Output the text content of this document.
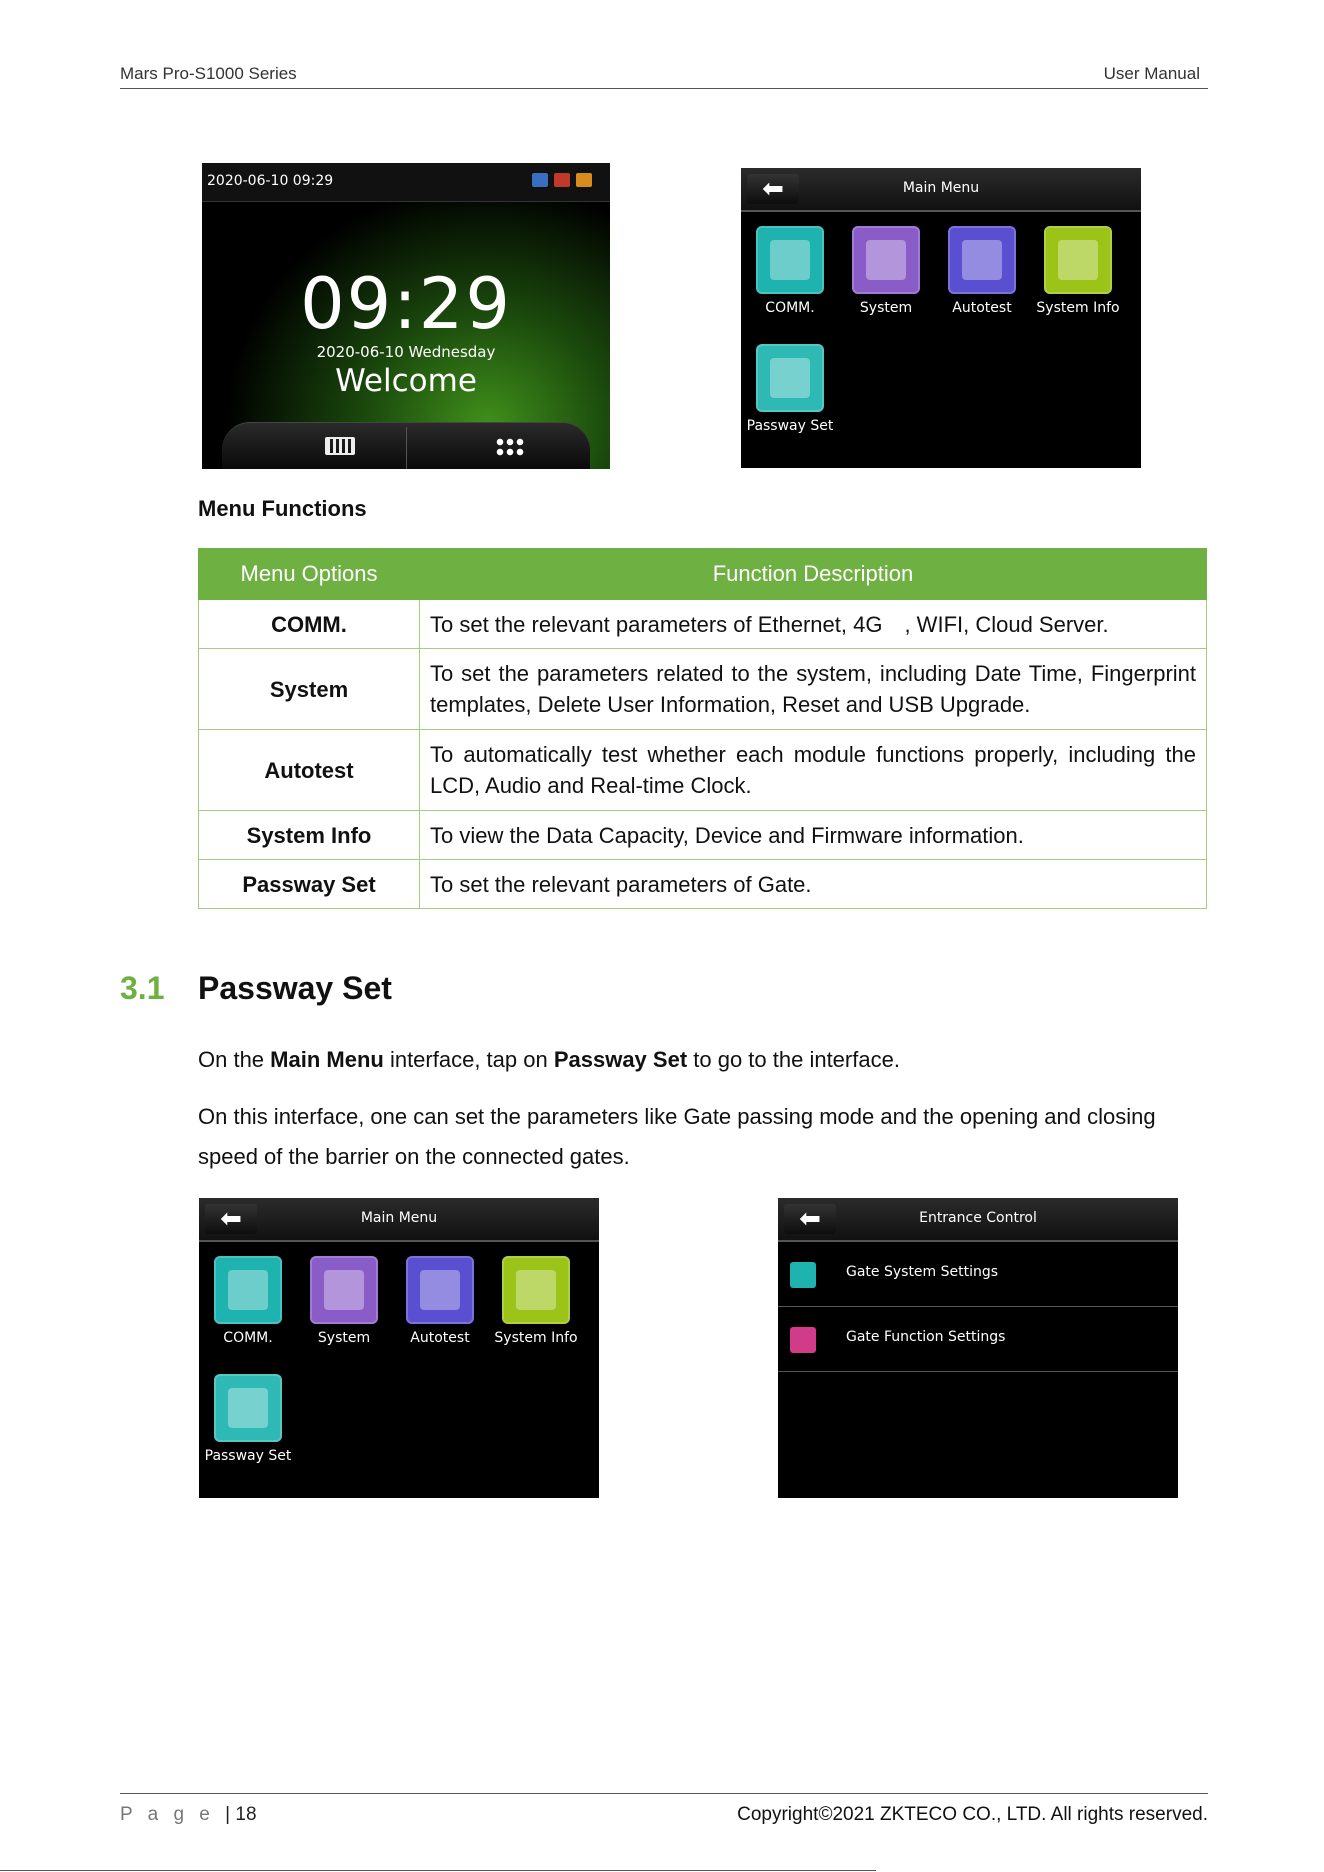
Mars Pro-S1000 Series	User Manual
2020-06-10 09:29
09:29
2020-06-10 Wednesday
Welcome
⬅	Main Menu
COMM.	System	Autotest	System Info
Passway Set
Menu Functions
Menu Options	Function Description
COMM.	To set the relevant parameters of Ethernet, 4G , WIFI, Cloud Server.
System	To set the parameters related to the system, including Date Time, Fingerprint templates, Delete User Information, Reset and USB Upgrade.
Autotest	To automatically test whether each module functions properly, including the LCD, Audio and Real-time Clock.
System Info	To view the Data Capacity, Device and Firmware information.
Passway Set	To set the relevant parameters of Gate.
3.1 Passway Set
On the Main Menu interface, tap on Passway Set to go to the interface.
On this interface, one can set the parameters like Gate passing mode and the opening and closing speed of the barrier on the connected gates.
⬅	Main Menu
COMM.	System	Autotest	System Info
Passway Set
⬅	Entrance Control
Gate System Settings
Gate Function Settings
P a g e | 18	Copyright©2021 ZKTECO CO., LTD. All rights reserved.
